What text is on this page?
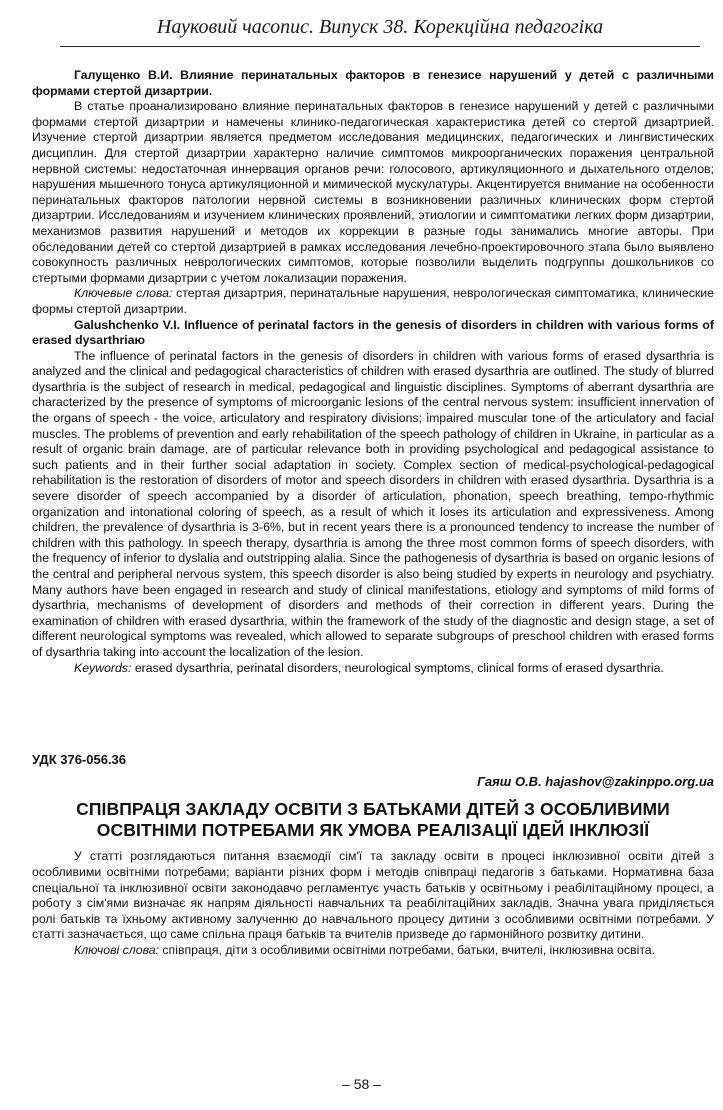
Науковий часопис. Випуск 38. Корекційна педагогіка

Галущенко В.И. Влияние перинатальных факторов в генезисе нарушений у детей с различными формами стертой дизартрии.

В статье проанализировано влияние перинатальных факторов в генезисе нарушений у детей с различными формами стертой дизартрии и намечены клинико-педагогическая характеристика детей со стертой дизартрией. Изучение стертой дизартрии является предметом исследования медицинских, педагогических и лингвистических дисциплин. Для стертой дизартрии характерно наличие симптомов микроорганических поражения центральной нервной системы: недостаточная иннервация органов речи: голосового, артикуляционного и дыхательного отделов; нарушения мышечного тонуса артикуляционной и мимической мускулатуры. Акцентируется внимание на особенности перинатальных факторов патологии нервной системы в возникновении различных клинических форм стертой дизартрии. Исследованиям и изучением клинических проявлений, этиологии и симптоматики легких форм дизартрии, механизмов развития нарушений и методов их коррекции в разные годы занимались многие авторы. При обследовании детей со стертой дизартрией в рамках исследования лечебно-проектировочного этапа было выявлено совокупность различных неврологических симптомов, которые позволили выделить подгруппы дошкольников со стертыми формами дизартрии с учетом локализации поражения.

Ключевые слова: стертая дизартрия, перинатальные нарушения, неврологическая симптоматика, клинические формы стертой дизартрии.

Galushchenko V.I. Influence of perinatal factors in the genesis of disorders in children with various forms of erased dysarthriaю

The influence of perinatal factors in the genesis of disorders in children with various forms of erased dysarthria is analyzed and the clinical and pedagogical characteristics of children with erased dysarthria are outlined. The study of blurred dysarthria is the subject of research in medical, pedagogical and linguistic disciplines. Symptoms of aberrant dysarthria are characterized by the presence of symptoms of microorganic lesions of the central nervous system: insufficient innervation of the organs of speech - the voice, articulatory and respiratory divisions; impaired muscular tone of the articulatory and facial muscles. The problems of prevention and early rehabilitation of the speech pathology of children in Ukraine, in particular as a result of organic brain damage, are of particular relevance both in providing psychological and pedagogical assistance to such patients and in their further social adaptation in society. Complex section of medical-psychological-pedagogical rehabilitation is the restoration of disorders of motor and speech disorders in children with erased dysarthria. Dysarthria is a severe disorder of speech accompanied by a disorder of articulation, phonation, speech breathing, tempo-rhythmic organization and intonational coloring of speech, as a result of which it loses its articulation and expressiveness. Among children, the prevalence of dysarthria is 3-6%, but in recent years there is a pronounced tendency to increase the number of children with this pathology. In speech therapy, dysarthria is among the three most common forms of speech disorders, with the frequency of inferior to dyslalia and outstripping alalia. Since the pathogenesis of dysarthria is based on organic lesions of the central and peripheral nervous system, this speech disorder is also being studied by experts in neurology and psychiatry. Many authors have been engaged in research and study of clinical manifestations, etiology and symptoms of mild forms of dysarthria, mechanisms of development of disorders and methods of their correction in different years. During the examination of children with erased dysarthria, within the framework of the study of the diagnostic and design stage, a set of different neurological symptoms was revealed, which allowed to separate subgroups of preschool children with erased forms of dysarthria taking into account the localization of the lesion.

Keywords: erased dysarthria, perinatal disorders, neurological symptoms, clinical forms of erased dysarthria.

УДК 376-056.36
Гаяш О.В. hajashov@zakinppo.org.ua
СПІВПРАЦЯ ЗАКЛАДУ ОСВІТИ З БАТЬКАМИ ДІТЕЙ З ОСОБЛИВИМИ
ОСВІТНІМИ ПОТРЕБАМИ ЯК УМОВА РЕАЛІЗАЦІЇ ІДЕЙ ІНКЛЮЗІЇ

У статті розглядаються питання взаємодії сім'ї та закладу освіти в процесі інклюзивної освіти дітей з особливими освітніми потребами; варіанти різних форм і методів співпраці педагогів з батьками. Нормативна база спеціальної та інклюзивної освіти законодавчо регламентує участь батьків у освітньому і реабілітаційному процесі, а роботу з сім'ями визначає як напрям діяльності навчальних та реабілітаційних закладів. Значна увага приділяється ролі батьків та їхньому активному залученню до навчального процесу дитини з особливими освітніми потребами. У статті зазначається, що саме спільна праця батьків та вчителів призведе до гармонійного розвитку дитини.

Ключові слова: співпраця, діти з особливими освітніми потребами, батьки, вчителі, інклюзивна освіта.

– 58 –
